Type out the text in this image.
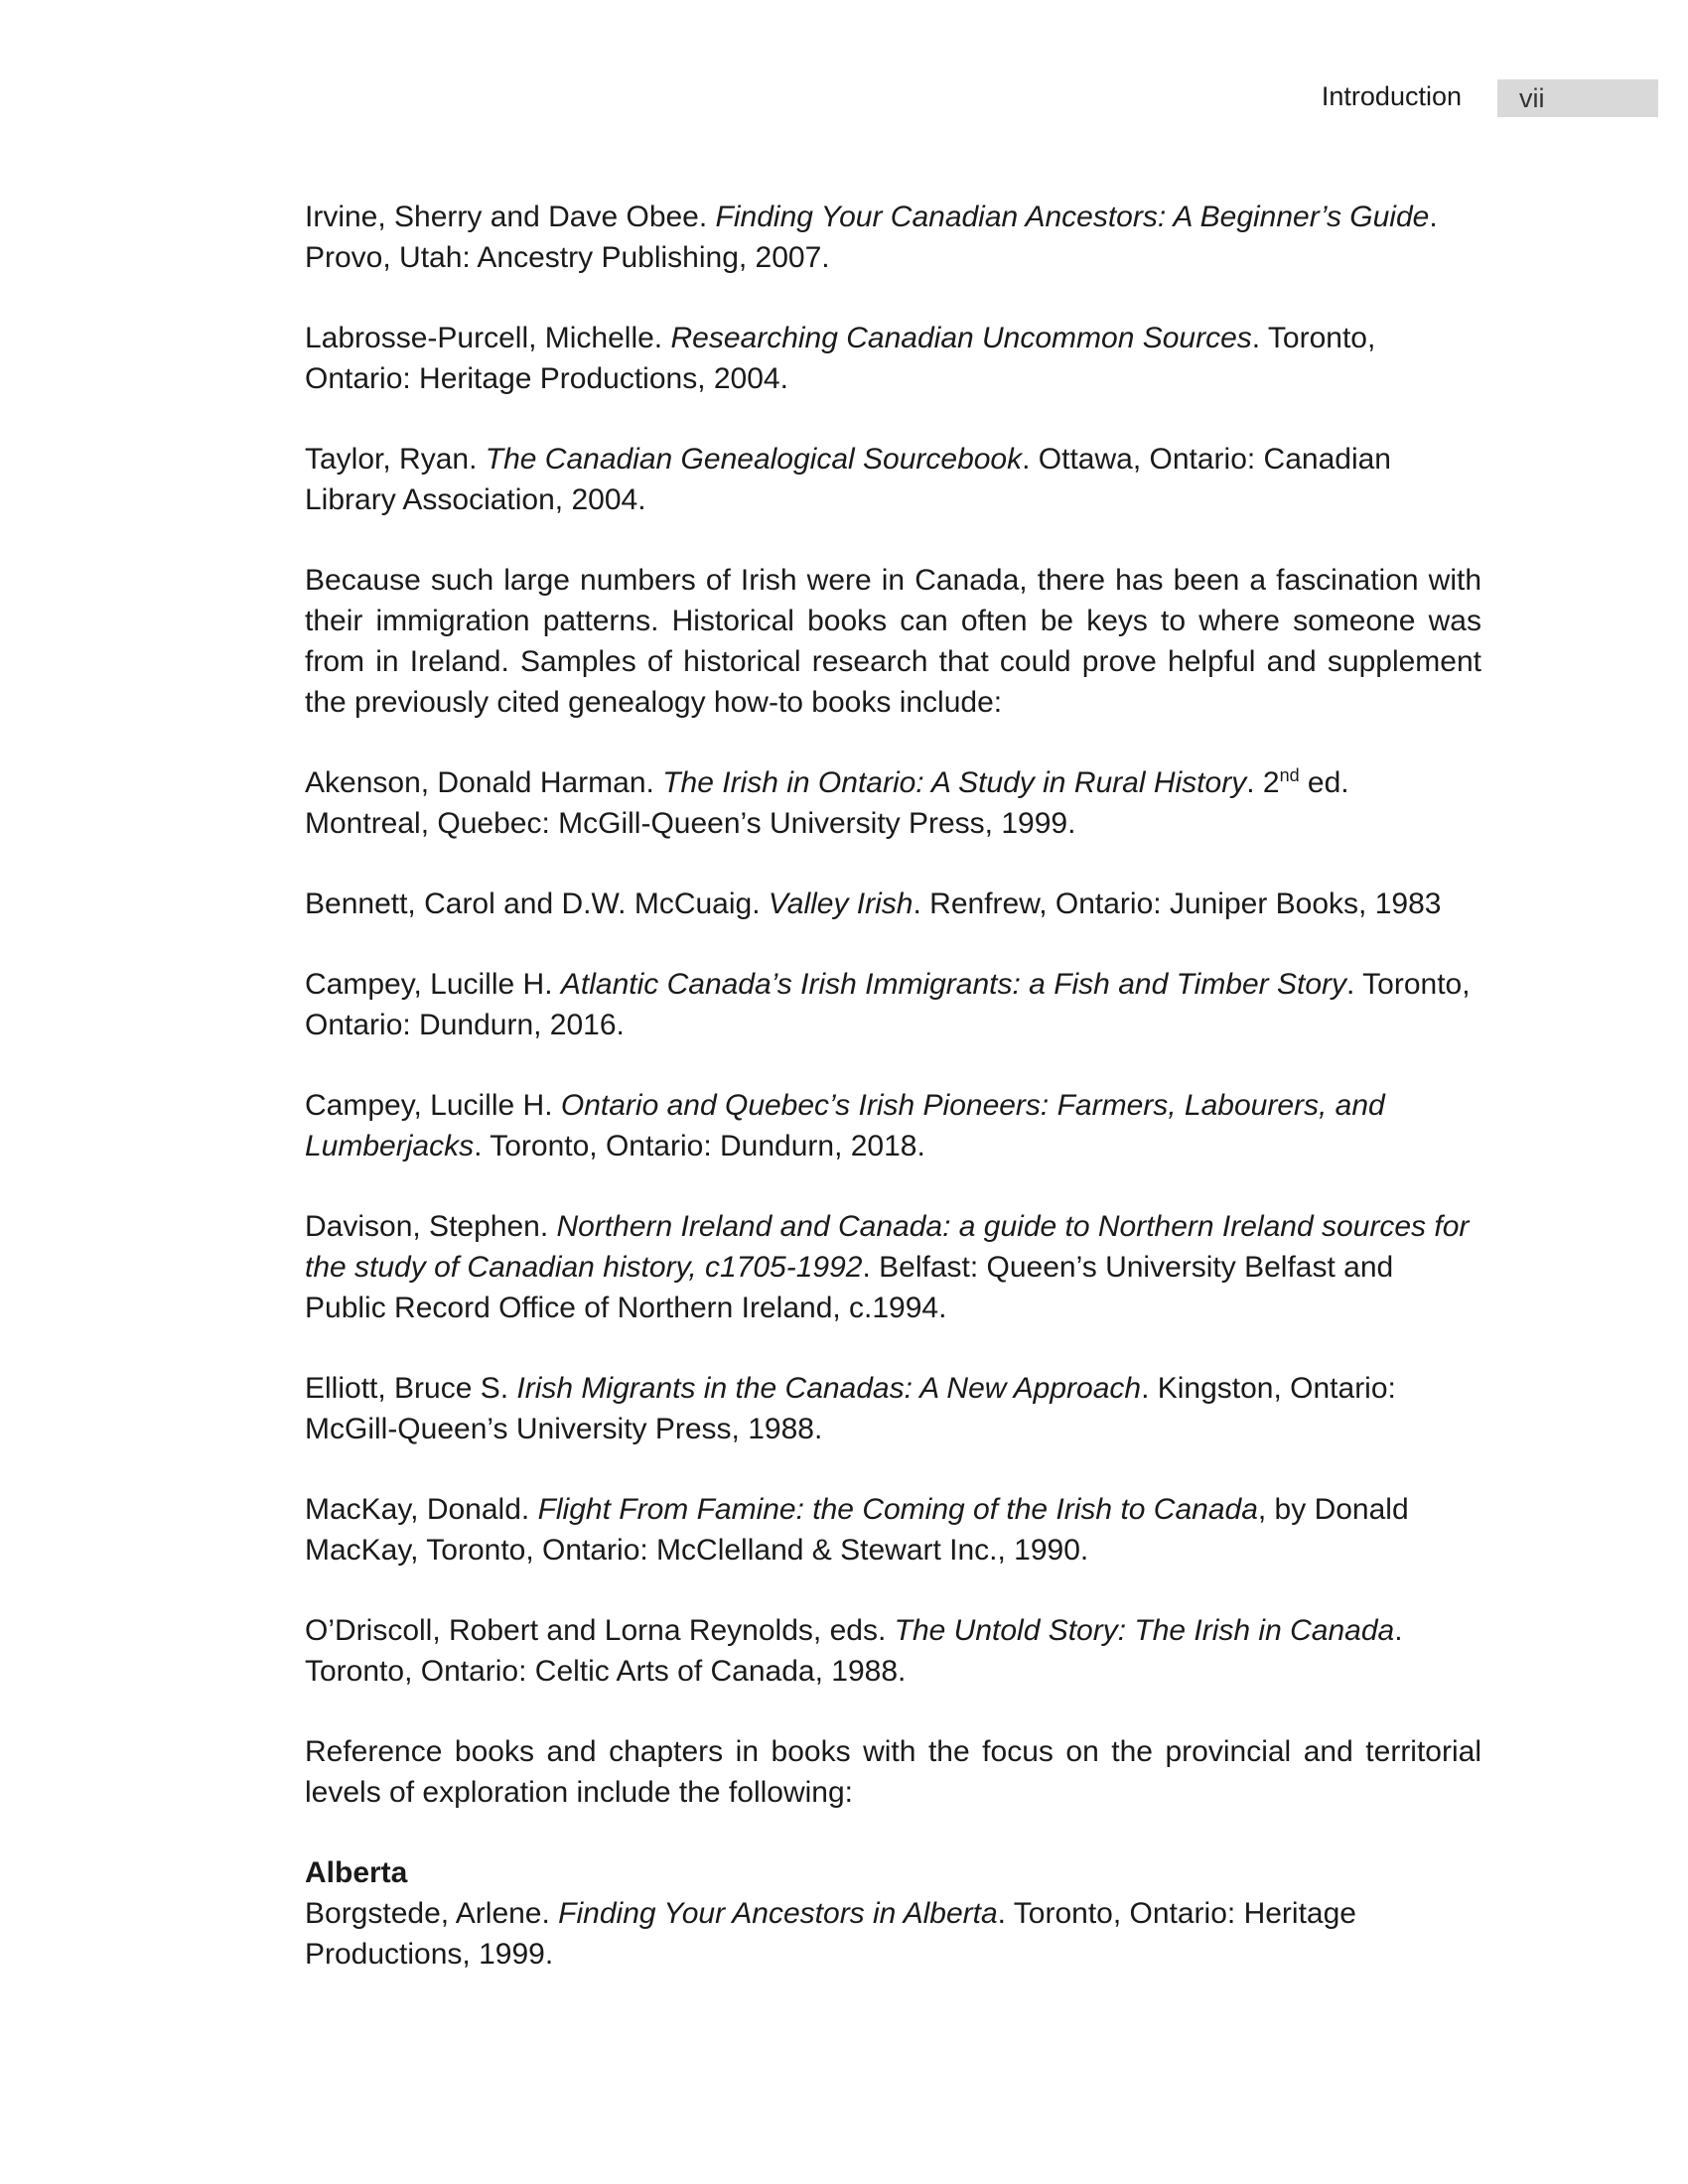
Introduction vii

Irvine, Sherry and Dave Obee. Finding Your Canadian Ancestors: A Beginner’s Guide. Provo, Utah: Ancestry Publishing, 2007.

Labrosse-Purcell, Michelle. Researching Canadian Uncommon Sources. Toronto, Ontario: Heritage Productions, 2004.

Taylor, Ryan. The Canadian Genealogical Sourcebook. Ottawa, Ontario: Canadian Library Association, 2004.

Because such large numbers of Irish were in Canada, there has been a fascination with their immigration patterns. Historical books can often be keys to where someone was from in Ireland. Samples of historical research that could prove helpful and supplement the previously cited genealogy how-to books include:

Akenson, Donald Harman. The Irish in Ontario: A Study in Rural History. 2nd ed. Montreal, Quebec: McGill-Queen’s University Press, 1999.

Bennett, Carol and D.W. McCuaig. Valley Irish. Renfrew, Ontario: Juniper Books, 1983

Campey, Lucille H. Atlantic Canada’s Irish Immigrants: a Fish and Timber Story. Toronto, Ontario: Dundurn, 2016.

Campey, Lucille H. Ontario and Quebec’s Irish Pioneers: Farmers, Labourers, and Lumberjacks. Toronto, Ontario: Dundurn, 2018.

Davison, Stephen. Northern Ireland and Canada: a guide to Northern Ireland sources for the study of Canadian history, c1705-1992. Belfast: Queen’s University Belfast and Public Record Office of Northern Ireland, c.1994.

Elliott, Bruce S. Irish Migrants in the Canadas: A New Approach. Kingston, Ontario: McGill-Queen’s University Press, 1988.

MacKay, Donald. Flight From Famine: the Coming of the Irish to Canada, by Donald MacKay, Toronto, Ontario: McClelland & Stewart Inc., 1990.

O’Driscoll, Robert and Lorna Reynolds, eds. The Untold Story: The Irish in Canada. Toronto, Ontario: Celtic Arts of Canada, 1988.

Reference books and chapters in books with the focus on the provincial and territorial levels of exploration include the following:

Alberta

Borgstede, Arlene. Finding Your Ancestors in Alberta. Toronto, Ontario: Heritage Productions, 1999.
